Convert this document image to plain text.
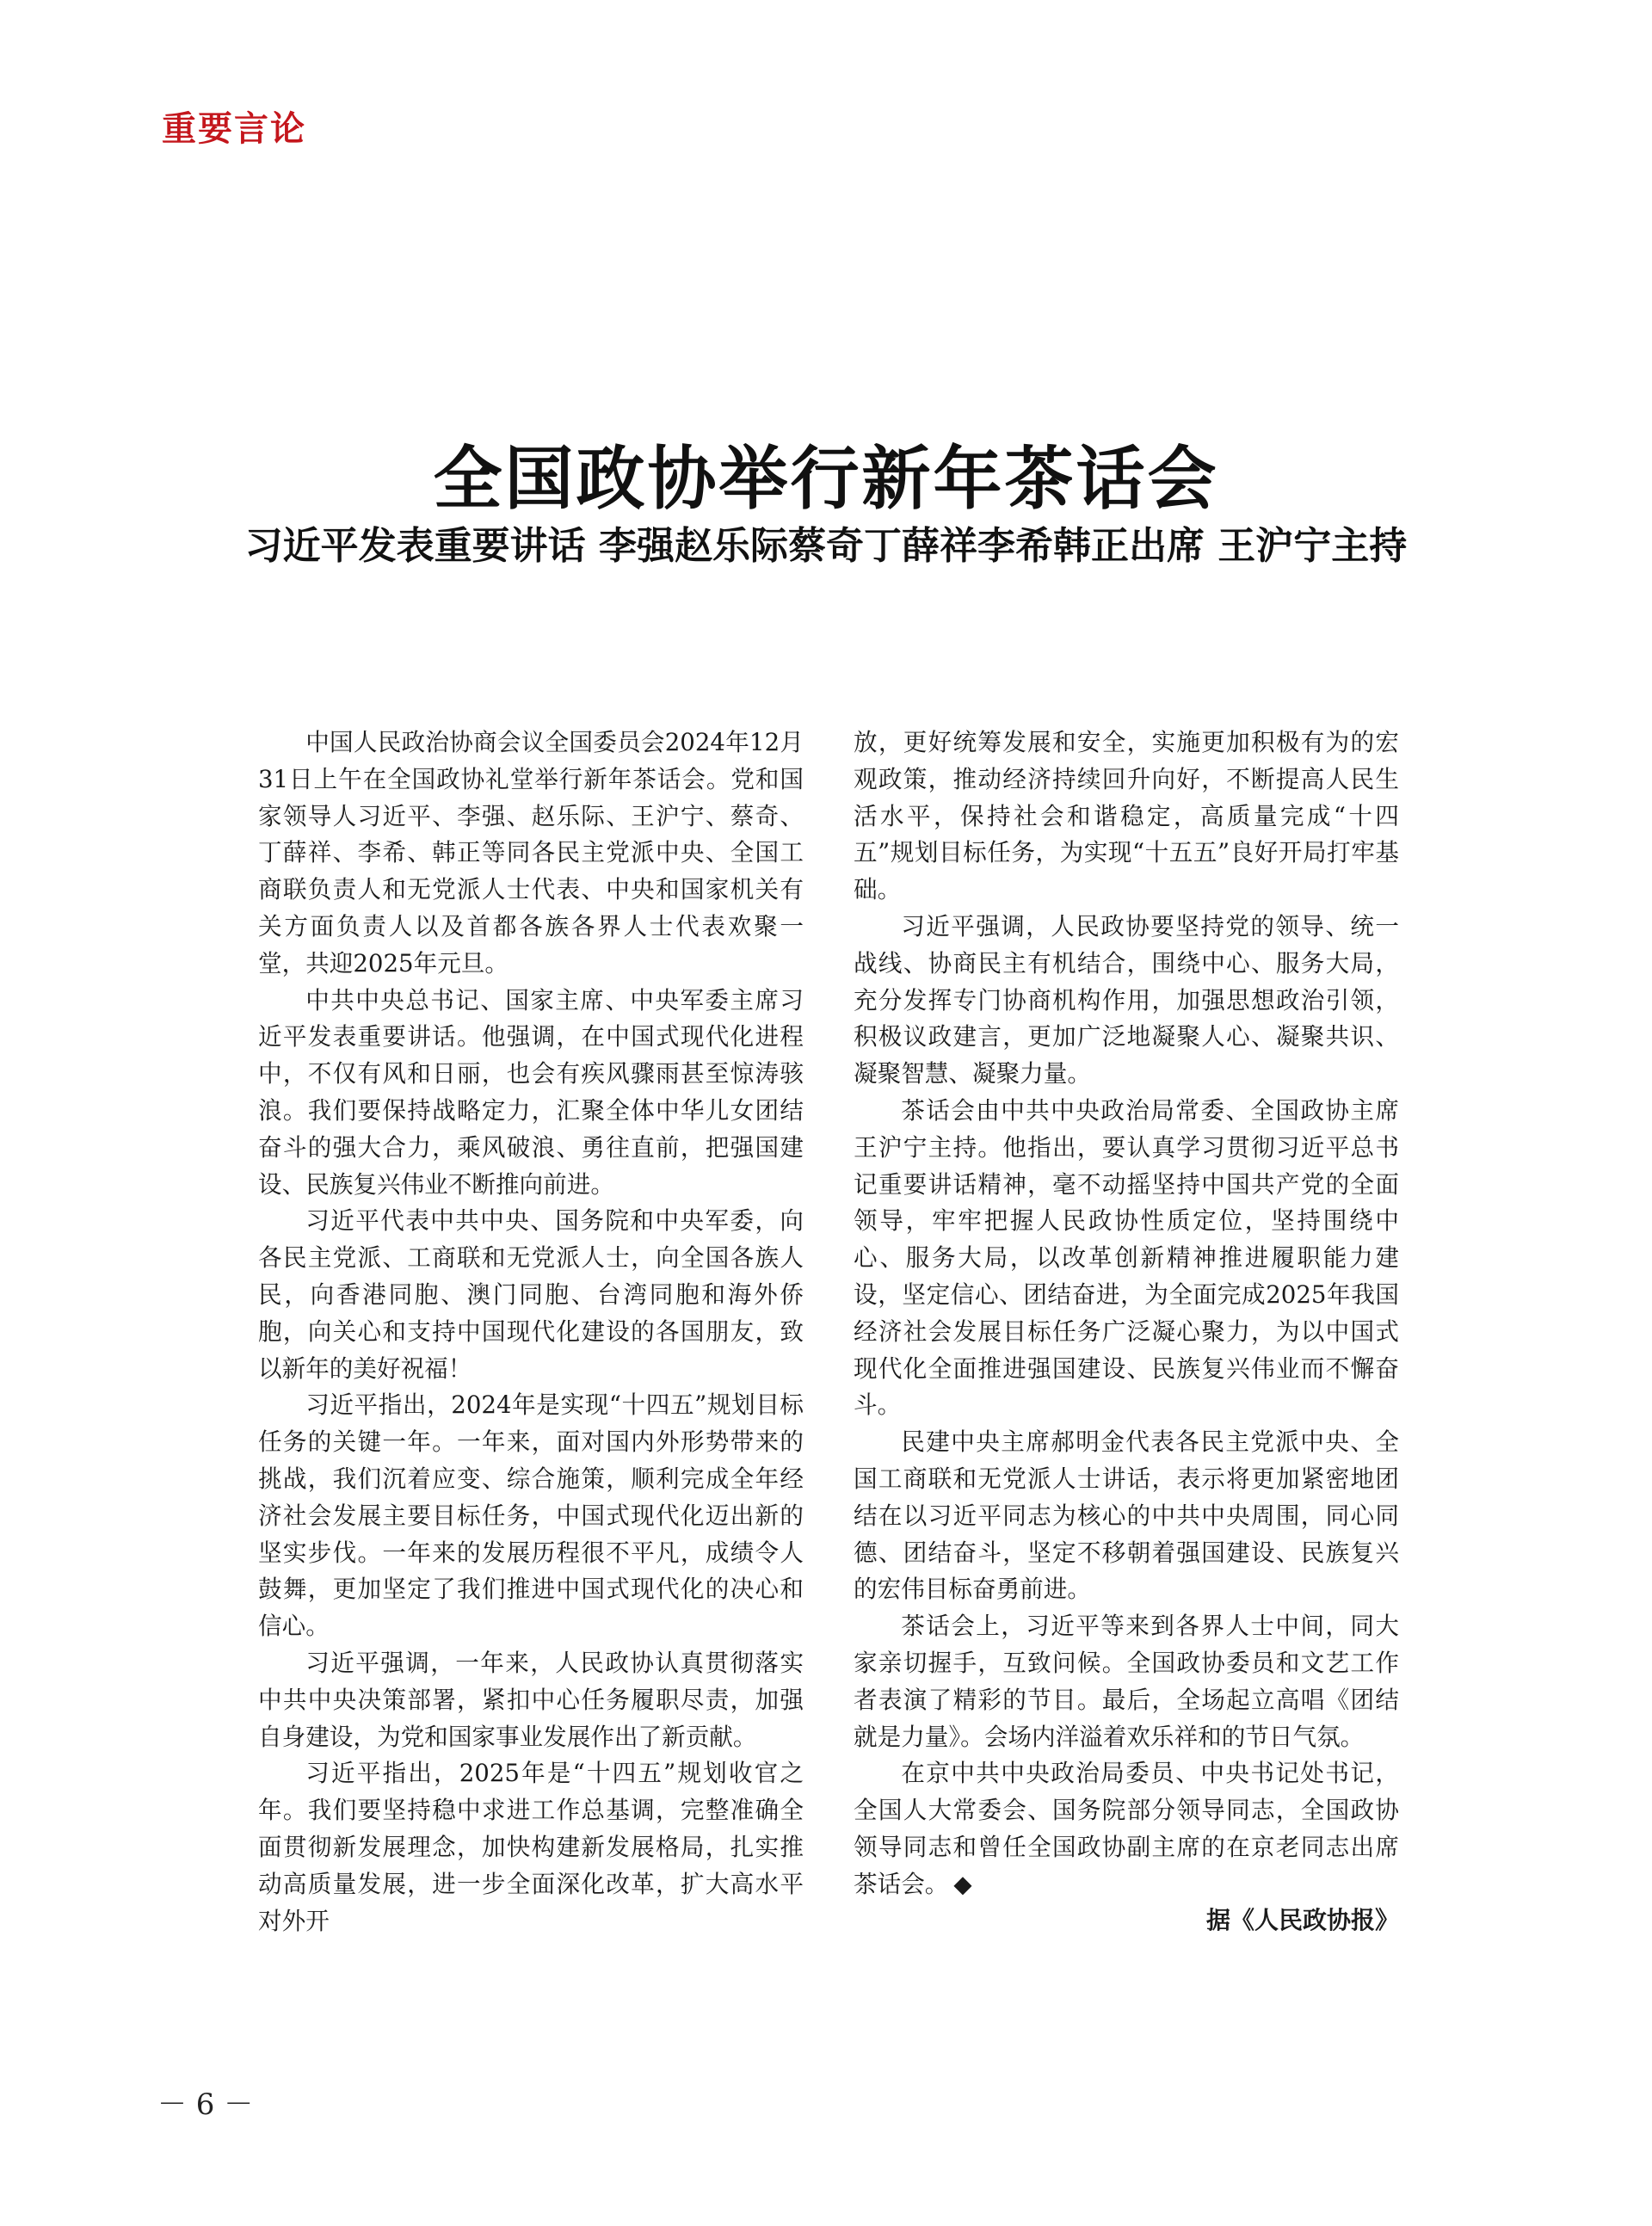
重要言论
全国政协举行新年茶话会
习近平发表重要讲话 李强赵乐际蔡奇丁薛祥李希韩正出席 王沪宁主持

中国人民政治协商会议全国委员会2024年12月31日上午在全国政协礼堂举行新年茶话会。党和国家领导人习近平、李强、赵乐际、王沪宁、蔡奇、丁薛祥、李希、韩正等同各民主党派中央、全国工商联负责人和无党派人士代表、中央和国家机关有关方面负责人以及首都各族各界人士代表欢聚一堂，共迎2025年元旦。

中共中央总书记、国家主席、中央军委主席习近平发表重要讲话。他强调，在中国式现代化进程中，不仅有风和日丽，也会有疾风骤雨甚至惊涛骇浪。我们要保持战略定力，汇聚全体中华儿女团结奋斗的强大合力，乘风破浪、勇往直前，把强国建设、民族复兴伟业不断推向前进。

习近平代表中共中央、国务院和中央军委，向各民主党派、工商联和无党派人士，向全国各族人民，向香港同胞、澳门同胞、台湾同胞和海外侨胞，向关心和支持中国现代化建设的各国朋友，致以新年的美好祝福！

习近平指出，2024年是实现“十四五”规划目标任务的关键一年。一年来，面对国内外形势带来的挑战，我们沉着应变、综合施策，顺利完成全年经济社会发展主要目标任务，中国式现代化迈出新的坚实步伐。一年来的发展历程很不平凡，成绩令人鼓舞，更加坚定了我们推进中国式现代化的决心和信心。

习近平强调，一年来，人民政协认真贯彻落实中共中央决策部署，紧扣中心任务履职尽责，加强自身建设，为党和国家事业发展作出了新贡献。

习近平指出，2025年是“十四五”规划收官之年。我们要坚持稳中求进工作总基调，完整准确全面贯彻新发展理念，加快构建新发展格局，扎实推动高质量发展，进一步全面深化改革，扩大高水平对外开

放，更好统筹发展和安全，实施更加积极有为的宏观政策，推动经济持续回升向好，不断提高人民生活水平，保持社会和谐稳定，高质量完成“十四五”规划目标任务，为实现“十五五”良好开局打牢基础。

习近平强调，人民政协要坚持党的领导、统一战线、协商民主有机结合，围绕中心、服务大局，充分发挥专门协商机构作用，加强思想政治引领，积极议政建言，更加广泛地凝聚人心、凝聚共识、凝聚智慧、凝聚力量。

茶话会由中共中央政治局常委、全国政协主席王沪宁主持。他指出，要认真学习贯彻习近平总书记重要讲话精神，毫不动摇坚持中国共产党的全面领导，牢牢把握人民政协性质定位，坚持围绕中心、服务大局，以改革创新精神推进履职能力建设，坚定信心、团结奋进，为全面完成2025年我国经济社会发展目标任务广泛凝心聚力，为以中国式现代化全面推进强国建设、民族复兴伟业而不懈奋斗。

民建中央主席郝明金代表各民主党派中央、全国工商联和无党派人士讲话，表示将更加紧密地团结在以习近平同志为核心的中共中央周围，同心同德、团结奋斗，坚定不移朝着强国建设、民族复兴的宏伟目标奋勇前进。

茶话会上，习近平等来到各界人士中间，同大家亲切握手，互致问候。全国政协委员和文艺工作者表演了精彩的节目。最后，全场起立高唱《团结就是力量》。会场内洋溢着欢乐祥和的节日气氛。

在京中共中央政治局委员、中央书记处书记，全国人大常委会、国务院部分领导同志，全国政协领导同志和曾任全国政协副主席的在京老同志出席茶话会。 ◆

据《人民政协报》
－ 6 －
